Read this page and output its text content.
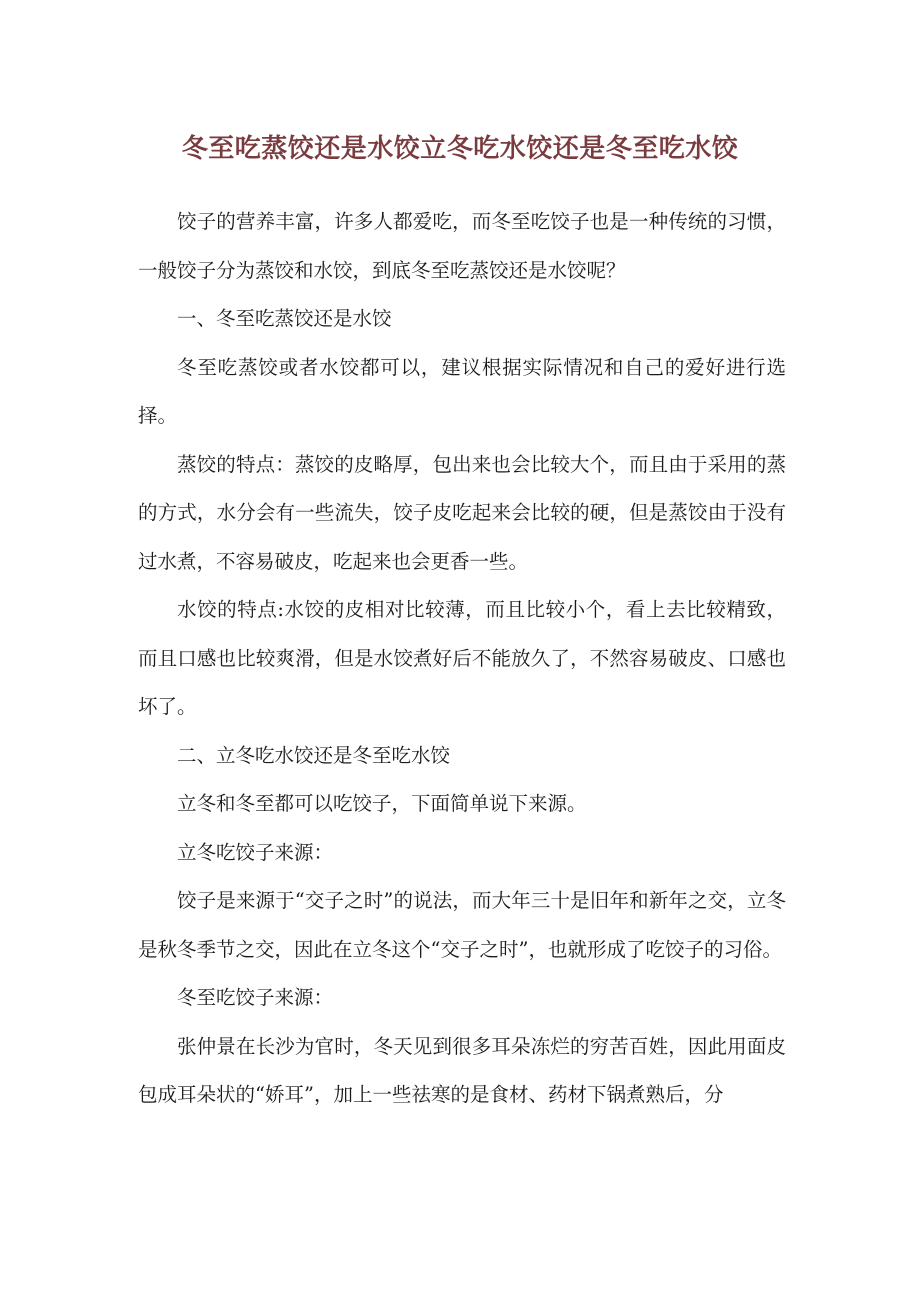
冬至吃蒸饺还是水饺立冬吃水饺还是冬至吃水饺

饺子的营养丰富，许多人都爱吃，而冬至吃饺子也是一种传统的习惯，一般饺子分为蒸饺和水饺，到底冬至吃蒸饺还是水饺呢？

一、冬至吃蒸饺还是水饺

冬至吃蒸饺或者水饺都可以，建议根据实际情况和自己的爱好进行选择。

蒸饺的特点：蒸饺的皮略厚，包出来也会比较大个，而且由于采用的蒸的方式，水分会有一些流失，饺子皮吃起来会比较的硬，但是蒸饺由于没有过水煮，不容易破皮，吃起来也会更香一些。

水饺的特点:水饺的皮相对比较薄，而且比较小个，看上去比较精致，而且口感也比较爽滑，但是水饺煮好后不能放久了，不然容易破皮、口感也坏了。

二、立冬吃水饺还是冬至吃水饺

立冬和冬至都可以吃饺子，下面简单说下来源。

立冬吃饺子来源：

饺子是来源于“交子之时”的说法，而大年三十是旧年和新年之交，立冬是秋冬季节之交，因此在立冬这个“交子之时”，也就形成了吃饺子的习俗。

冬至吃饺子来源：

张仲景在长沙为官时，冬天见到很多耳朵冻烂的穷苦百姓，因此用面皮包成耳朵状的“娇耳”，加上一些祛寒的是食材、药材下锅煮熟后，分
